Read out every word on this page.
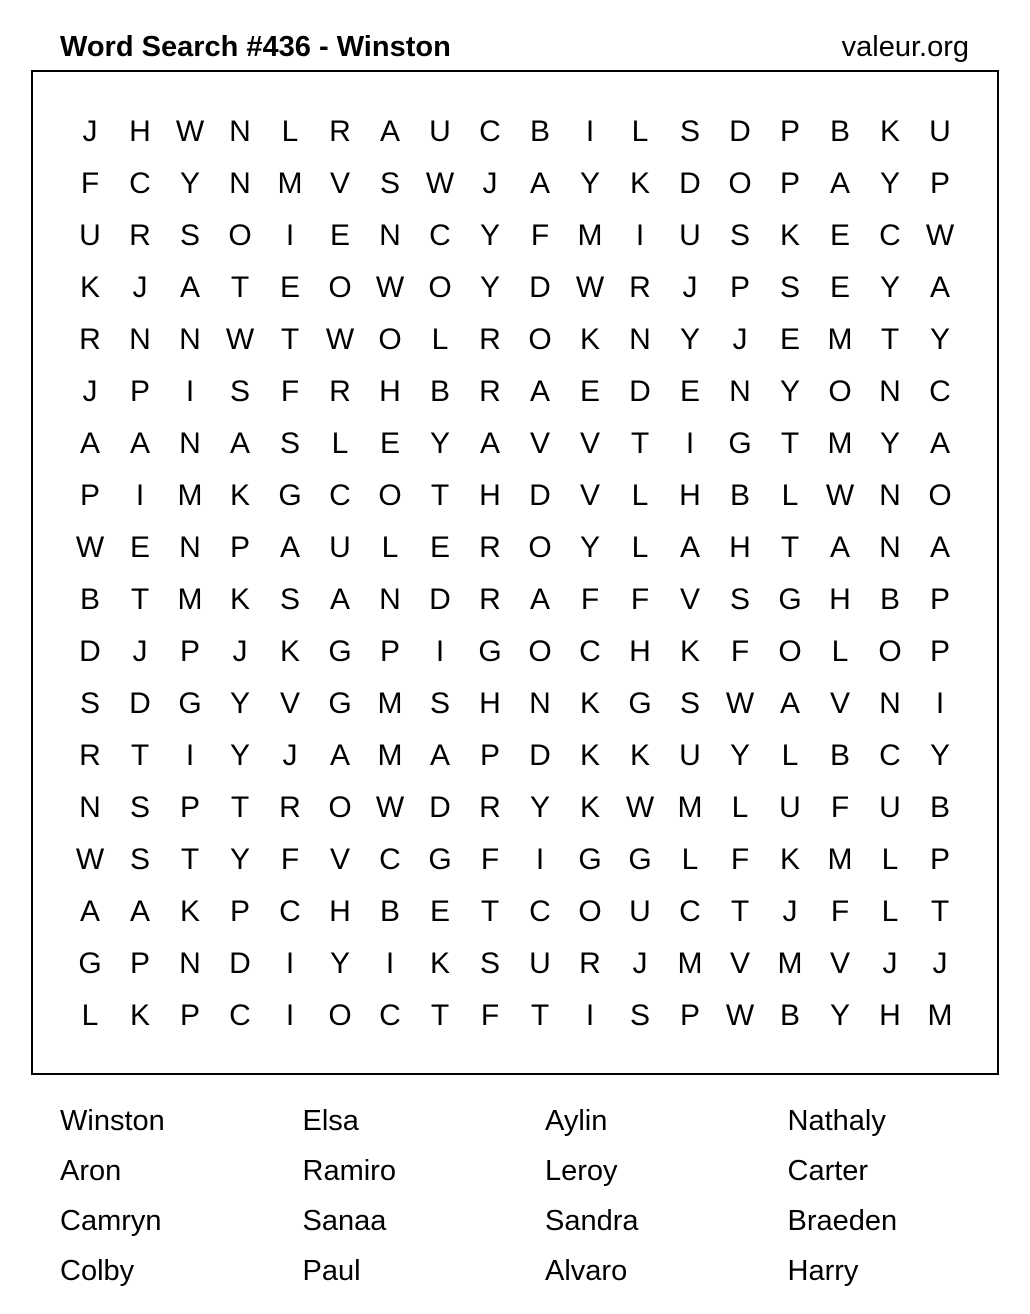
Word Search #436 - Winston	valeur.org
J	H W N	L	R A U C B	I	L	S D P B K U
F	C Y N M V S W J	A Y K D O P A Y P
U R S O	I	E N C Y	F M	I	U S K E C W
K	J	A	T	E O W O Y D W R	J	P S E Y A
R N N W T W O L	R O K N Y	J	E M T	Y
J	P	I	S	F	R H B R A E D E N Y O N C
A A N A S	L	E Y A V V	T	I	G T M Y A
P	I	M K G C O T	H D V	L	H B	L W N O
W E N P A U	L	E R O Y	L	A H	T	A N A
B	T M K S A N D R A	F	F	V S G H B P
D	J	P	J	K G P	I	G O C H K	F O L O P
S D G Y V G M S H N K G S W A V N	I
R	T	I	Y	J	A M A P D K K U Y	L	B C Y
N S P	T	R O W D R Y K W M L	U	F	U B
W S	T	Y	F	V C G F	I	G G L	F	K M L	P
A A K P C H B E	T	C O U C	T	J	F	L	T
G P N D	I	Y	I	K S U R	J	M V M V	J	J
L	K P C	I	O C	T	F	T	I	S P W B Y H M
Winston	Elsa	Aylin	Nathaly
Aron	Ramiro	Leroy	Carter
Camryn	Sanaa	Sandra	Braeden
Colby	Paul	Alvaro	Harry
